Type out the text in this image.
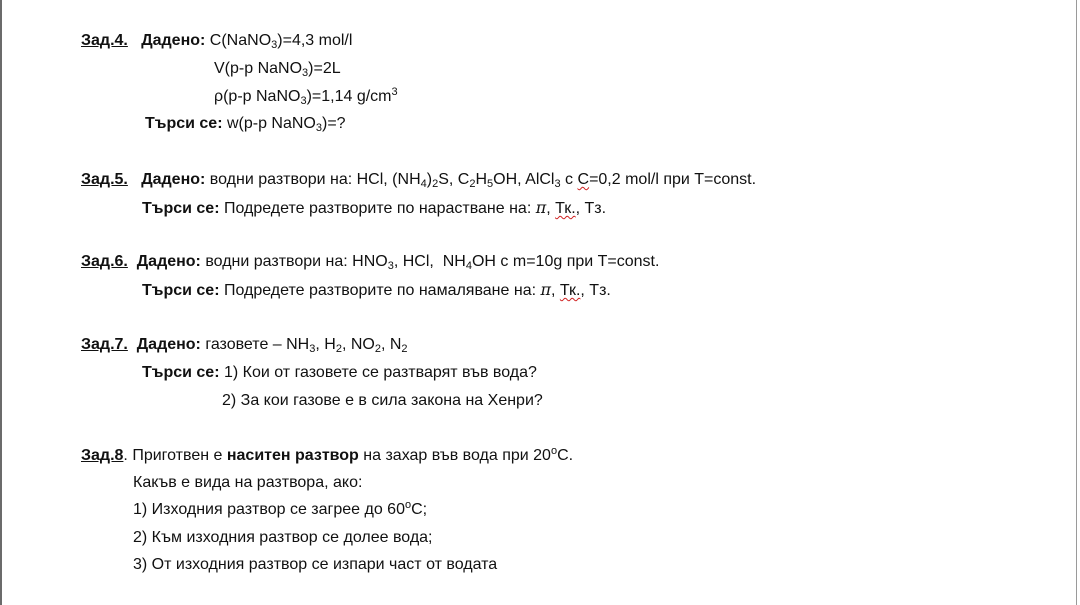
Зад.4. Дадено: C(NaNO$_3$)=4,3 mol/l
V(р-р NaNO$_3$)=2L
ρ(р-р NaNO$_3$)=1,14 $g/cm^3$
Търси се: w(р-р NaNO$_3$)=?
Зад.5. Дадено: водни разтвори на: HCl, $(NH_4)_2S$, $C_2H_5OH$, AlCl$_3$ с С=0,2 mol/l при T=const.
Търси се: Подредете разтворите по нарастване на: π, Тк., Тз.
Зад.6. Дадено: водни разтвори на: $HNO_3$, HCl,  $NH_4OH$ с m=10g при T=const.
Търси се: Подредете разтворите по намаляване на: π, Тк., Тз.
Зад.7. Дадено: газовете – $NH_3$, $H_2$, $NO_2$, $N_2$
Търси се: 1) Кои от газовете се разтварят във вода?
2) За кои газове е в сила закона на Хенри?
Зад.8. Приготвен е наситен разтвор на захар във вода при 20$^o$С.
Какъв е вида на разтвора, ако:
1) Изходния разтвор се загрее до 60$^o$С;
2) Към изходния разтвор се долее вода;
3) От изходния разтвор се изпари част от водата
